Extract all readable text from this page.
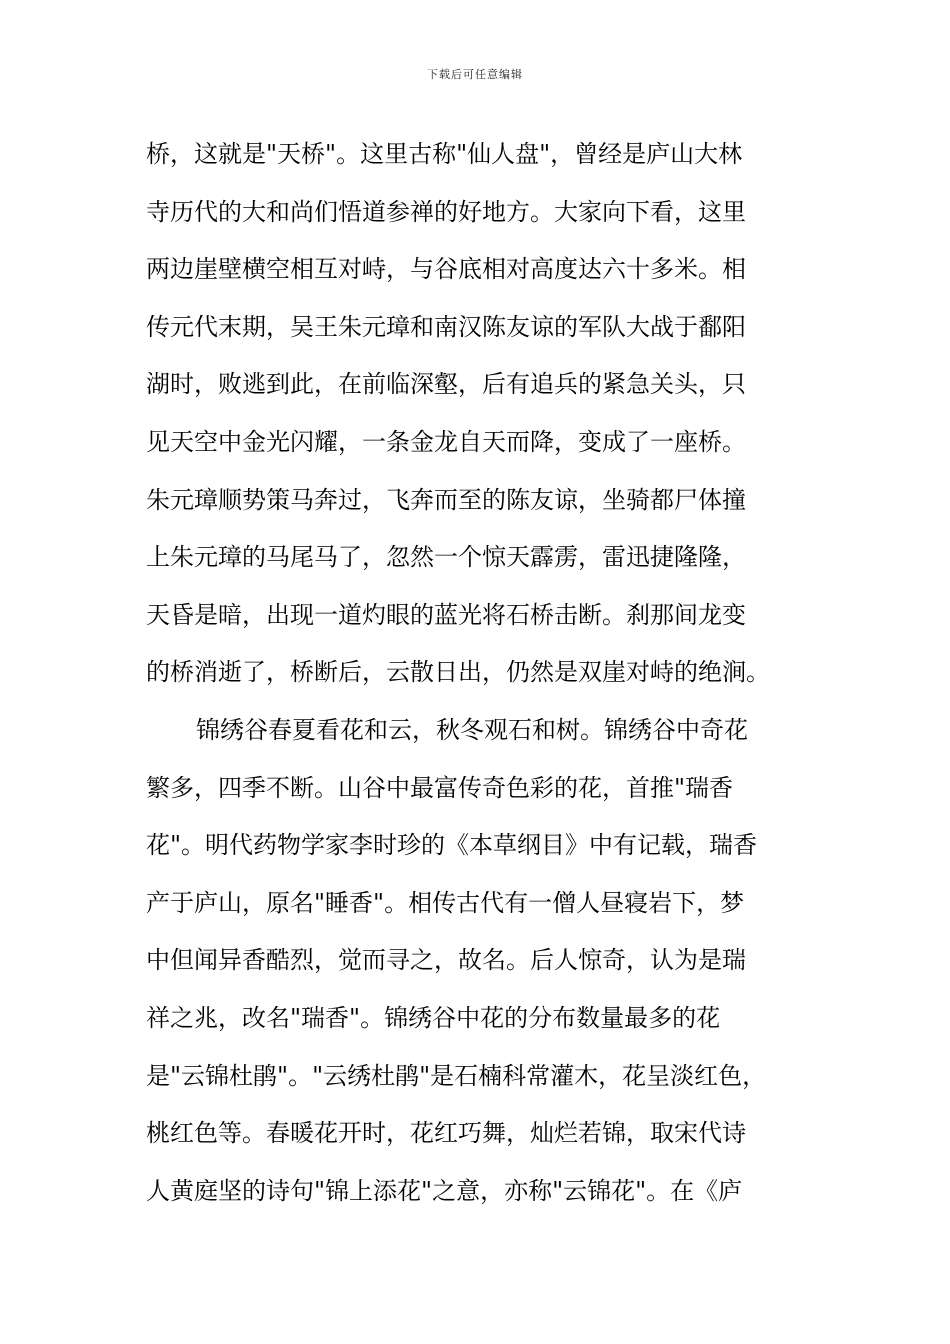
下载后可任意编辑
桥，这就是"天桥"。这里古称"仙人盘"，曾经是庐山大林
寺历代的大和尚们悟道参禅的好地方。大家向下看，这里
两边崖壁横空相互对峙，与谷底相对高度达六十多米。相
传元代末期，吴王朱元璋和南汉陈友谅的军队大战于鄱阳
湖时，败逃到此，在前临深壑，后有追兵的紧急关头，只
见天空中金光闪耀，一条金龙自天而降，变成了一座桥。
朱元璋顺势策马奔过，飞奔而至的陈友谅，坐骑都尸体撞
上朱元璋的马尾马了，忽然一个惊天霹雳，雷迅捷隆隆，
天昏是暗，出现一道灼眼的蓝光将石桥击断。刹那间龙变
的桥消逝了，桥断后，云散日出，仍然是双崖对峙的绝涧。
锦绣谷春夏看花和云，秋冬观石和树。锦绣谷中奇花
繁多，四季不断。山谷中最富传奇色彩的花，首推"瑞香
花"。明代药物学家李时珍的《本草纲目》中有记载，瑞香
产于庐山，原名"睡香"。相传古代有一僧人昼寝岩下，梦
中但闻异香酷烈，觉而寻之，故名。后人惊奇，认为是瑞
祥之兆，改名"瑞香"。锦绣谷中花的分布数量最多的花
是"云锦杜鹃"。"云绣杜鹃"是石楠科常灌木，花呈淡红色，
桃红色等。春暖花开时，花红巧舞，灿烂若锦，取宋代诗
人黄庭坚的诗句"锦上添花"之意，亦称"云锦花"。在《庐
